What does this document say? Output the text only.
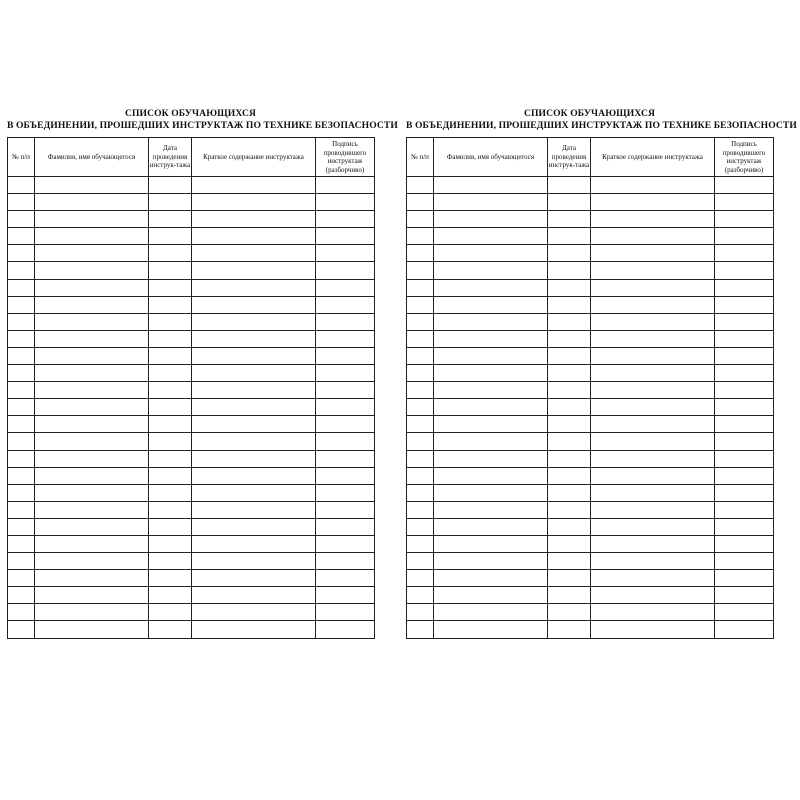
СПИСОК ОБУЧАЮЩИХСЯ
В ОБЪЕДИНЕНИИ, ПРОШЕДШИХ ИНСТРУКТАЖ ПО ТЕХНИКЕ БЕЗОПАСНОСТИ
№ п/п	Фамилия, имя обучающегося	Дата проведения инструк-тажа	Краткое содержание инструктажа	Подпись проводившего инструктаж (разборчиво)

СПИСОК ОБУЧАЮЩИХСЯ
В ОБЪЕДИНЕНИИ, ПРОШЕДШИХ ИНСТРУКТАЖ ПО ТЕХНИКЕ БЕЗОПАСНОСТИ
№ п/п	Фамилия, имя обучающегося	Дата проведения инструк-тажа	Краткое содержание инструктажа	Подпись проводившего инструктаж (разборчиво)
